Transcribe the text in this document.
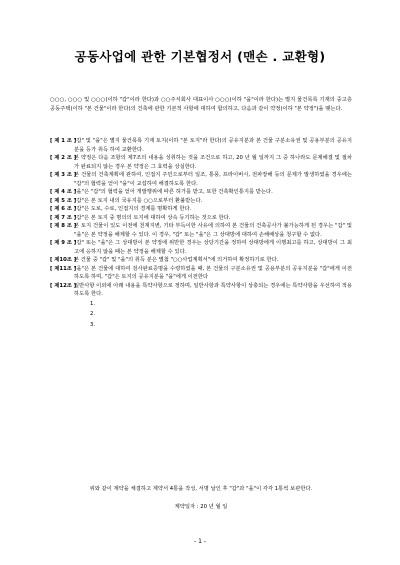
공동사업에 관한 기본협정서 (맨손 . 교환형)
○○○, ○○○ 및 ○○○(이하 "갑"이라 한다)과 ○○주식회사 대표이사 ○○○(이하 "을"이라 한다)는 별지 물건목록 기재의 중고층 공동주택(이하 "본 건물"이라 한다)의 건축에 관한 기본적 사항에 대하여 합의하고, 다음과 같이 약정(이하 "본 약정")을 맺는다.
[ 제 1 조 ]
"갑" 및 "을"은 별지 물건목록 기재 토지(이하 "본 토지"라 한다)의 공유지분과 본 건물 구분소유권 및 공용부분의 공유지분을 등가 취득 하여 교환한다.
[ 제 2 조 ]
본 약정은 다음 조항의 제7조의 내용을 성취하는 것을 조건으로 하고, 20 년 월 일까지 그 중 하나라도 문제해결 및 절차가 완료되지 않는 경우 본 약정은 그 효력을 상실한다.
[ 제 3 조 ]
본 건물의 건축계획에 관하여, 인접지 주민으로부터 일조, 통풍, 프라이버시, 전파장해 등의 문제가 발생하였을 경우에는 "갑"의 협력을 얻어 "을"이 교섭하여 해결하도록 한다.
[ 제 4 조 ]
"을"은 "갑"의 협력을 얻어 개발행위에 따른 허가를 받고, 또한 건축확인통지를 받는다.
[ 제 5 조 ]
"갑"은 본 토지 내의 국유지를 ○○으로부터 환불받는다.
[ 제 6 조 ]
"갑"은 도로, 수로, 인접지의 경계를 명확하게 한다.
[ 제 7 조 ]
"갑"은 본 토지 중 명의의 토지에 대하여 상속 등기하는 것으로 한다.
[ 제 8 조 ]
본 토지 건물이 있도 이전에 천재지변, 기타 부득이한 사유에 의하여 본 건물의 건축공사가 불가능하게 된 경우는 "갑" 및 "을"은 본 약정을 해제할 수 있다. 이 경우, "갑" 또는 "을"은 그 상대방에 대하여 손해배상을 청구할 수 없다.
[ 제 9 조 ]
"갑" 또는 "을"은 그 상대방이 본 약정에 위반한 경우는 상당기간을 정하여 상대방에게 이행최고를 하고, 상대방이 그 최고에 응하지 않을 때는 본 약정을 해제할 수 있다.
[ 제10조 ]
본 건물 중 "갑" 및 "을"의 취득 분은 별첨 "○○사업계획서"에 의거하여 확정하기로 한다.
[ 제11조 ]
"을"은 본 건물에 대하여 검사완료증명을 수령하였을 때, 본 건물의 구분소유권 및 공용부분의 공유지분을 "갑"에게 이전하도록 하며, "갑"은 토지의 공유지분을 "을"에게 이전한다
[ 제12조 ]
일반사항 이외에 아래 내용을 특약사항으로 정하며, 일반사항과 특약사항이 상충되는 경우에는 특약사항을 우선하여 적용하도록 한다.
1.
2.
3.
위와 같이 계약을 체결하고 계약서 4통을 작성, 서명 날인 후 "갑"과 "을"이 각각 1통씩 보관한다.
계약일자 : 20 년 월 일
- 1 -
